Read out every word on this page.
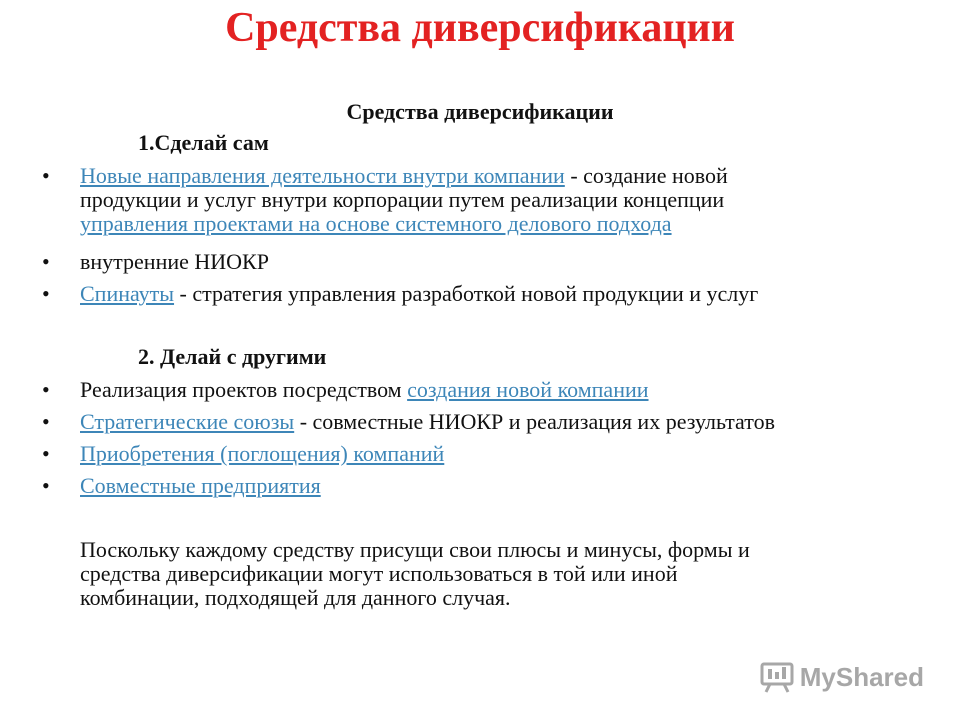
Средства диверсификации
Средства диверсификации
1.Сделай сам
•	Новые направления деятельности внутри компании - создание новой
продукции и услуг внутри корпорации путем реализации концепции
управления проектами на основе системного делового подхода
•	внутренние НИОКР
•	Спинауты - стратегия управления разработкой новой продукции и услуг
2. Делай с другими
•	Реализация проектов посредством создания новой компании
•	Стратегические союзы - совместные НИОКР и реализация их результатов
•	Приобретения (поглощения) компаний
•	Совместные предприятия
Поскольку каждому средству присущи свои плюсы и минусы, формы и
средства диверсификации могут использоваться в той или иной
комбинации, подходящей для данного случая.
MyShared
